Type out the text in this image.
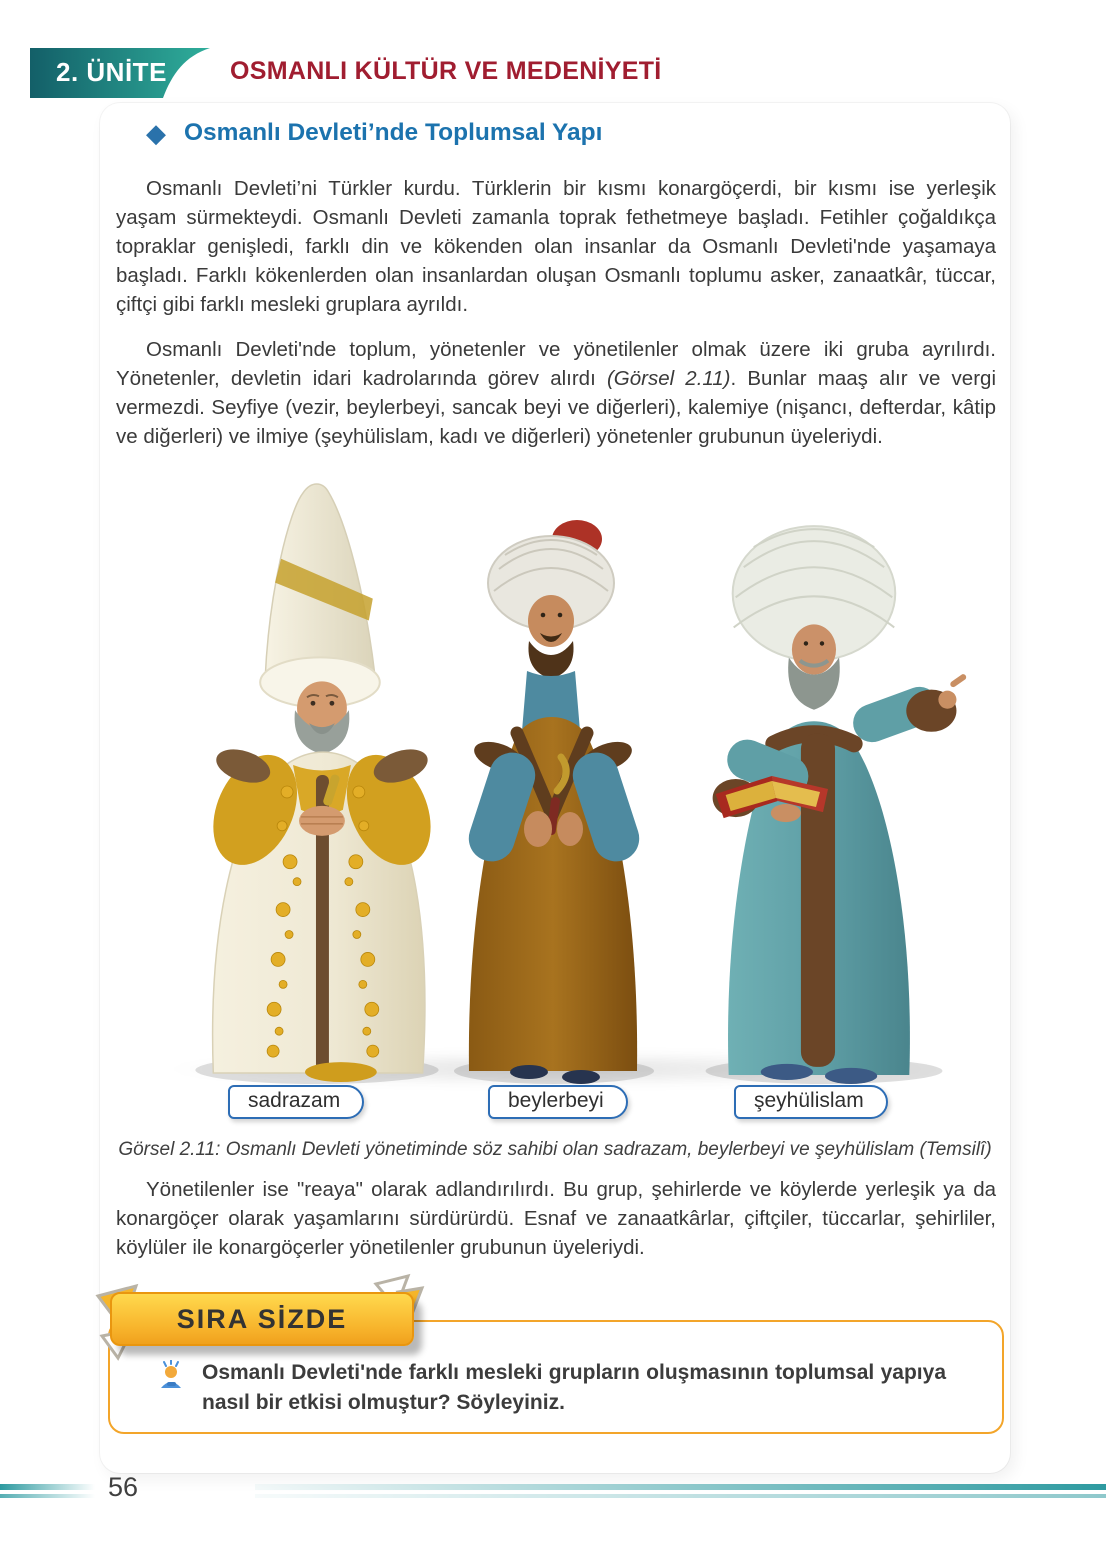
2. ÜNİTE	OSMANLI KÜLTÜR VE MEDENİYETİ
◆ Osmanlı Devleti’nde Toplumsal Yapı

Osmanlı Devleti’ni Türkler kurdu. Türklerin bir kısmı konargöçerdi, bir kısmı ise yerleşik yaşam sürmekteydi. Osmanlı Devleti zamanla toprak fethetmeye başladı. Fetihler çoğaldıkça topraklar genişledi, farklı din ve kökenden olan insanlar da Osmanlı Devleti'nde yaşamaya başladı. Farklı kökenlerden olan insanlardan oluşan Osmanlı toplumu asker, zanaatkâr, tüccar, çiftçi gibi farklı mesleki gruplara ayrıldı.

Osmanlı Devleti'nde toplum, yönetenler ve yönetilenler olmak üzere iki gruba ayrılırdı. Yönetenler, devletin idari kadrolarında görev alırdı (Görsel 2.11). Bunlar maaş alır ve vergi vermezdi. Seyfiye (vezir, beylerbeyi, sancak beyi ve diğerleri), kalemiye (nişancı, defterdar, kâtip ve diğerleri) ve ilmiye (şeyhülislam, kadı ve diğerleri) yönetenler grubunun üyeleriydi.

sadrazam	beylerbeyi	şeyhülislam
Görsel 2.11: Osmanlı Devleti yönetiminde söz sahibi olan sadrazam, beylerbeyi ve şeyhülislam (Temsilî)

Yönetilenler ise "reaya" olarak adlandırılırdı. Bu grup, şehirlerde ve köylerde yerleşik ya da konargöçer olarak yaşamlarını sürdürürdü. Esnaf ve zanaatkârlar, çiftçiler, tüccarlar, şehirliler, köylüler ile konargöçerler yönetilenler grubunun üyeleriydi.

SIRA SİZDE

Osmanlı Devleti'nde farklı mesleki grupların oluşmasının toplumsal yapıya nasıl bir etkisi olmuştur? Söyleyiniz.

56
